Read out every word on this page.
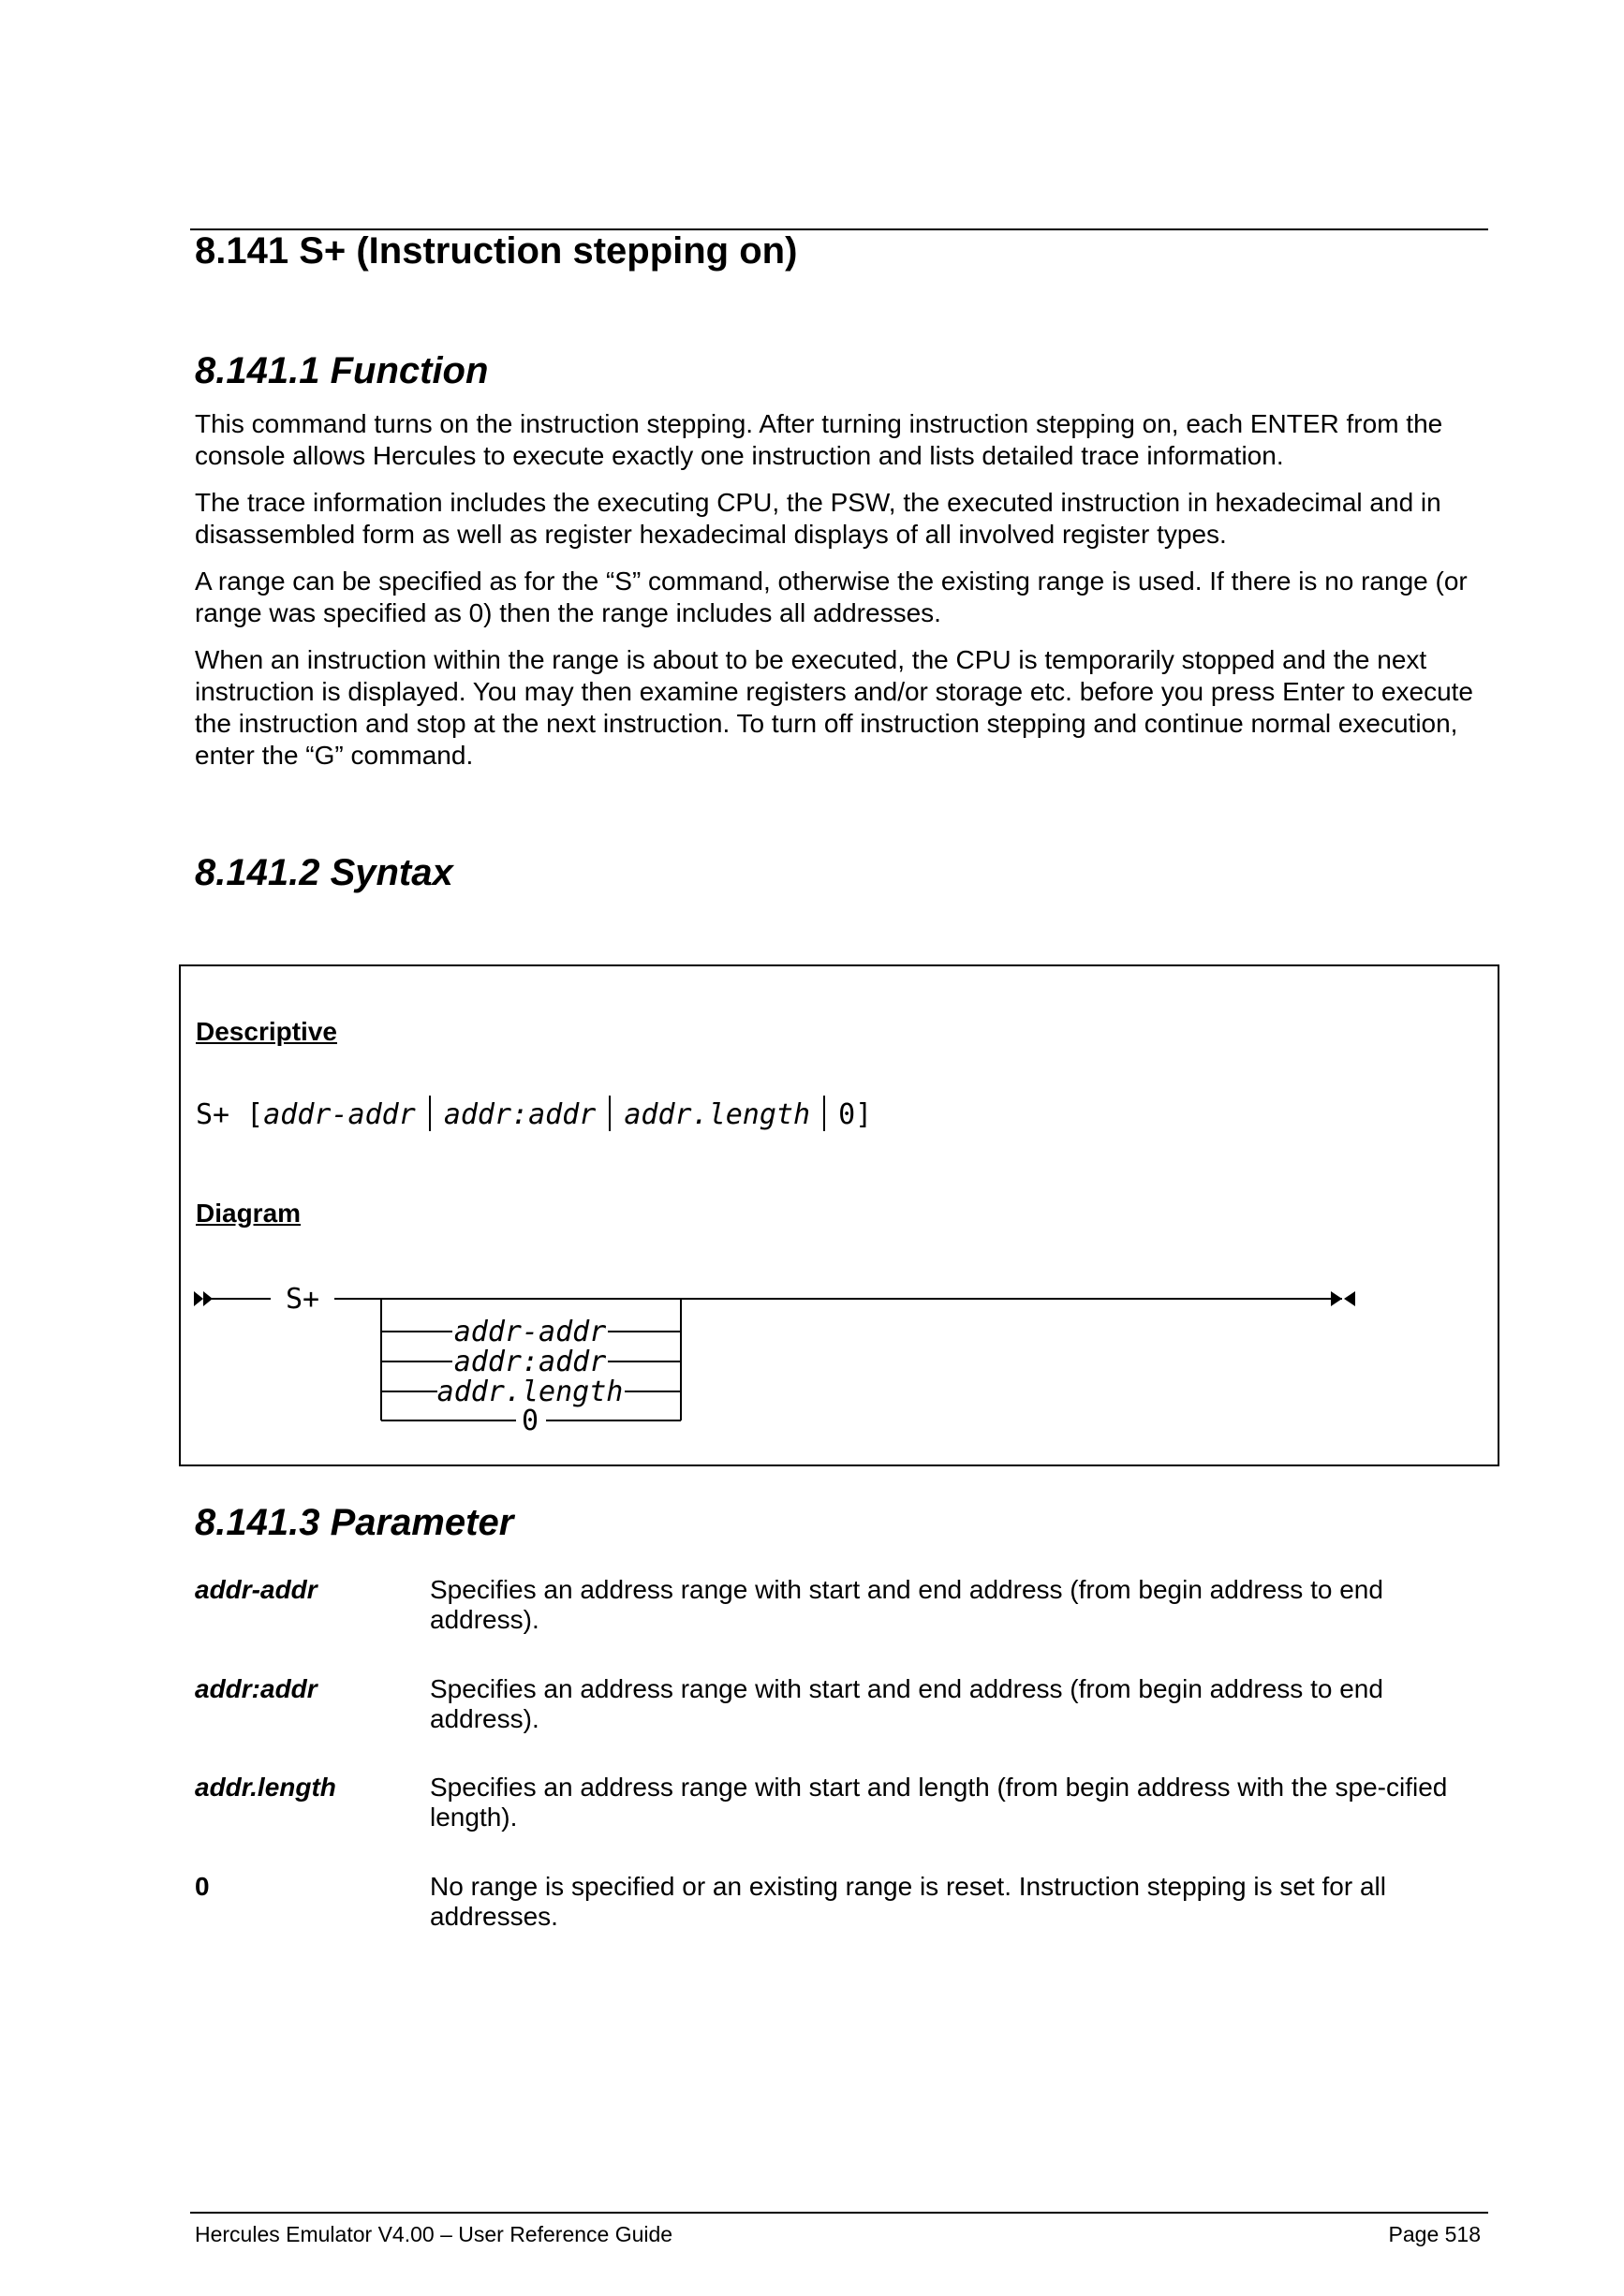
8.141 S+ (Instruction stepping on)
8.141.1 Function

This command turns on the instruction stepping. After turning instruction stepping on, each ENTER from the console allows Hercules to execute exactly one instruction and lists detailed trace information.

The trace information includes the executing CPU, the PSW, the executed instruction in hexadecimal and in disassembled form as well as register hexadecimal displays of all involved register types.

A range can be specified as for the “S” command, otherwise the existing range is used. If there is no range (or range was specified as 0) then the range includes all addresses.

When an instruction within the range is about to be executed, the CPU is temporarily stopped and the next instruction is displayed. You may then examine registers and/or storage etc. before you press Enter to execute the instruction and stop at the next instruction. To turn off instruction stepping and continue normal execution, enter the “G” command.

8.141.2 Syntax

Descriptive

S+ [addr-addr addr:addr addr.length 0]

Diagram

S+
addr-addr
addr:addr
addr.length
0
8.141.3 Parameter

addr-addr	Specifies an address range with start and end address (from begin address to end address).

addr:addr	Specifies an address range with start and end address (from begin address to end address).

addr.length	Specifies an address range with start and length (from begin address with the spe-cified length).

0	No range is specified or an existing range is reset. Instruction stepping is set for all addresses.

Hercules Emulator V4.00 – User Reference Guide	Page 518
